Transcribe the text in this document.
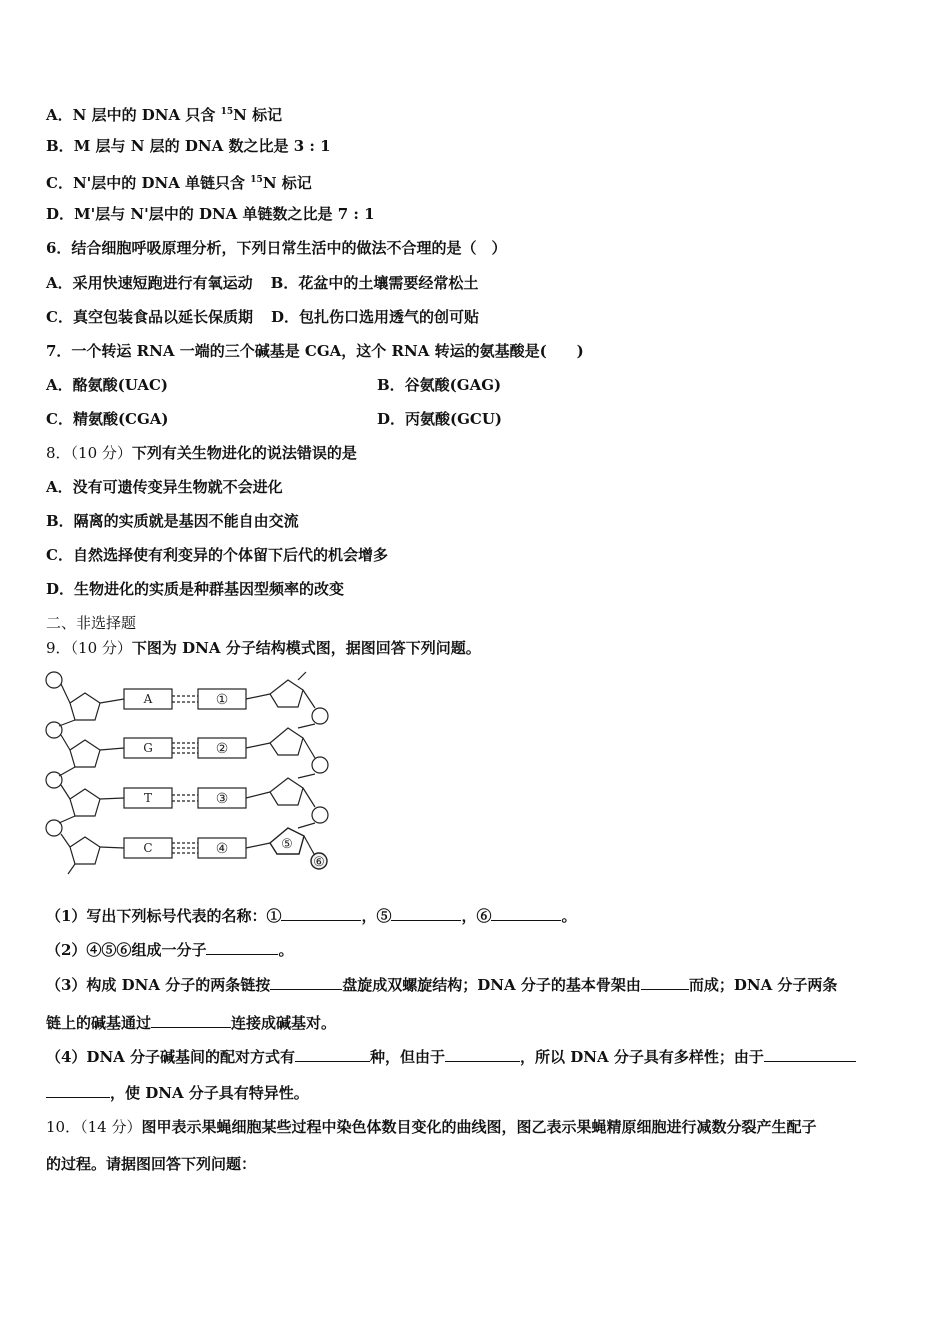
A．N 层中的 DNA 只含 $^{15}$N 标记
B．M 层与 N 层的 DNA 数之比是 3 : 1
C．N'层中的 DNA 单链只含 $^{15}$N 标记
D．M'层与 N'层中的 DNA 单链数之比是 7 : 1
6．结合细胞呼吸原理分析，下列日常生活中的做法不合理的是（　）
A．采用快速短跑进行有氧运动 B．花盆中的土壤需要经常松土
C．真空包装食品以延长保质期 D．包扎伤口选用透气的创可贴
7．一个转运 RNA 一端的三个碱基是 CGA，这个 RNA 转运的氨基酸是(　　)
A．酪氨酸(UAC)	B．谷氨酸(GAG)
C．精氨酸(CGA)	D．丙氨酸(GCU)
8．（10 分）下列有关生物进化的说法错误的是
A．没有可遗传变异生物就不会进化
B．隔离的实质就是基因不能自由交流
C．自然选择使有利变异的个体留下后代的机会增多
D．生物进化的实质是种群基因型频率的改变
二、非选择题
9．（10 分）下图为 DNA 分子结构模式图，据图回答下列问题。
A
G
T
C
①
②
③
④	⑤
⑥
（1）写出下列标号代表的名称：①	，⑤	，⑥	。
（2）④⑤⑥组成一分子	。
（3）构成 DNA 分子的两条链按	盘旋成双螺旋结构；DNA 分子的基本骨架由	而成；DNA 分子两条
链上的碱基通过	连接成碱基对。
（4）DNA 分子碱基间的配对方式有	种，但由于	，所以 DNA 分子具有多样性；由于
，使 DNA 分子具有特异性。
10．（14 分）图甲表示果蝇细胞某些过程中染色体数目变化的曲线图，图乙表示果蝇精原细胞进行减数分裂产生配子
的过程。请据图回答下列问题：
